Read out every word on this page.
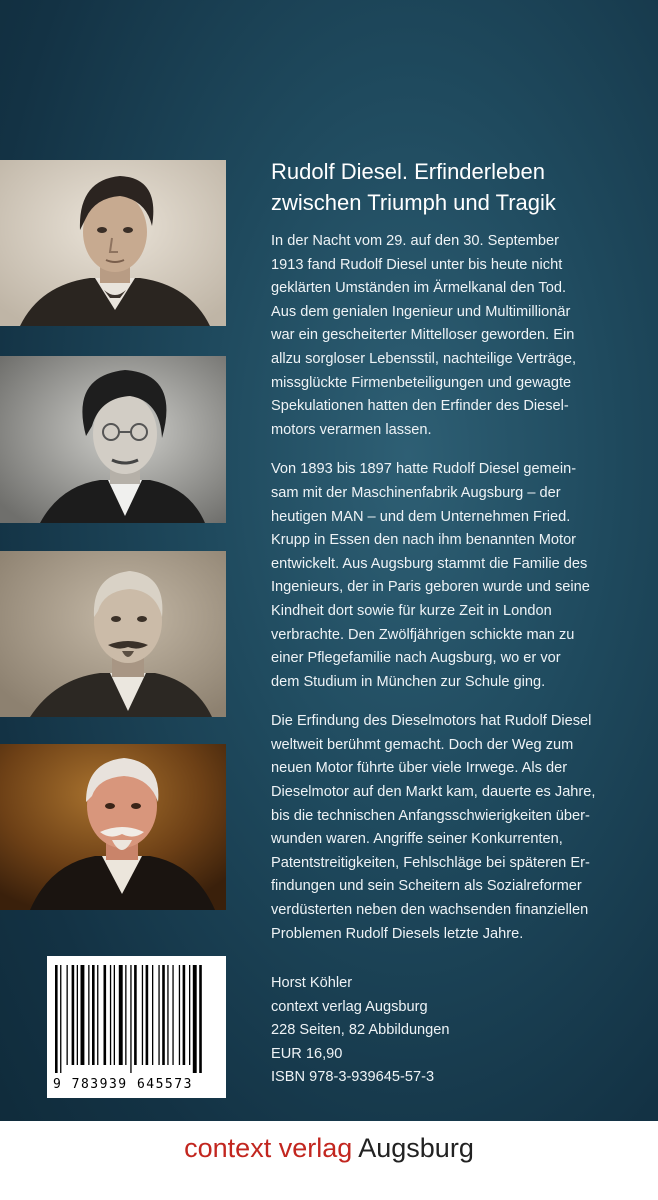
Rudolf Diesel. Erfinderleben
zwischen Triumph und Tragik

In der Nacht vom 29. auf den 30. September
1913 fand Rudolf Diesel unter bis heute nicht
geklärten Umständen im Ärmelkanal den Tod.
Aus dem genialen Ingenieur und Multimillionär
war ein gescheiterter Mittelloser geworden. Ein
allzu sorgloser Lebensstil, nachteilige Verträge,
missglückte Firmenbeteiligungen und gewagte
Spekulationen hatten den Erfinder des Diesel-
motors verarmen lassen.

Von 1893 bis 1897 hatte Rudolf Diesel gemein-
sam mit der Maschinenfabrik Augsburg – der
heutigen MAN – und dem Unternehmen Fried.
Krupp in Essen den nach ihm benannten Motor
entwickelt. Aus Augsburg stammt die Familie des
Ingenieurs, der in Paris geboren wurde und seine
Kindheit dort sowie für kurze Zeit in London
verbrachte. Den Zwölfjährigen schickte man zu
einer Pflegefamilie nach Augsburg, wo er vor
dem Studium in München zur Schule ging.

Die Erfindung des Dieselmotors hat Rudolf Diesel
weltweit berühmt gemacht. Doch der Weg zum
neuen Motor führte über viele Irrwege. Als der
Dieselmotor auf den Markt kam, dauerte es Jahre,
bis die technischen Anfangsschwierigkeiten über-
wunden waren. Angriffe seiner Konkurrenten,
Patentstreitigkeiten, Fehlschläge bei späteren Er-
findungen und sein Scheitern als Sozialreformer
verdüsterten neben den wachsenden finanziellen
Problemen Rudolf Diesels letzte Jahre.

9 783939 645573
Horst Köhler
context verlag Augsburg
228 Seiten, 82 Abbildungen
EUR 16,90
ISBN 978-3-939645-57-3
context verlag Augsburg
